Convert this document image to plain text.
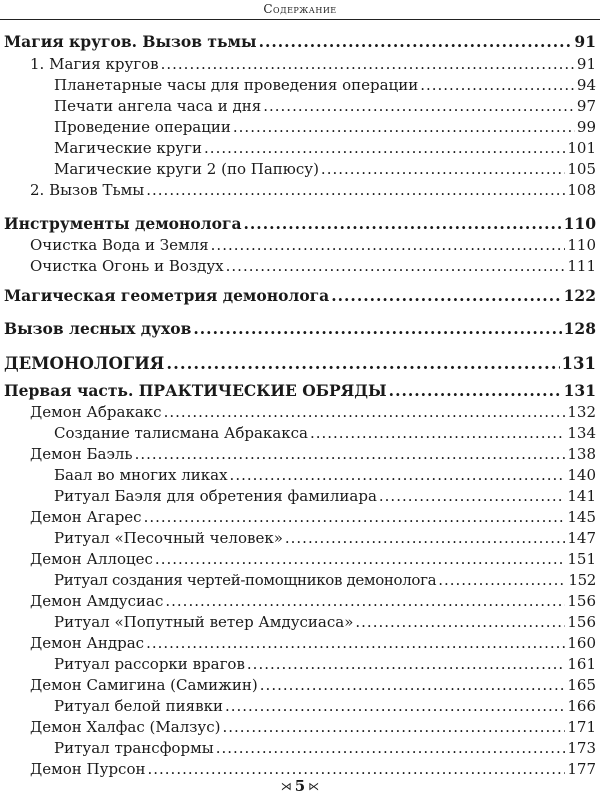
Содержание
Магия кругов. Вызов тьмы .....	91
1. Магия кругов .....	91
Планетарные часы для проведения операции .....	94
Печати ангела часа и дня .....	97
Проведение операции .....	99
Магические круги .....	101
Магические круги 2 (по Папюсу) .....	105
2. Вызов Тьмы .....	108
Инструменты демонолога .....	110
Очистка Вода и Земля .....	110
Очистка Огонь и Воздух .....	111
Магическая геометрия демонолога .....	122
Вызов лесных духов .....	128
ДЕМОНОЛОГИЯ .....	131
Первая часть. ПРАКТИЧЕСКИЕ ОБРЯДЫ .....	131
Демон Абракакс .....	132
Создание талисмана Абракакса .....	134
Демон Баэль .....	138
Баал во многих ликах .....	140
Ритуал Баэля для обретения фамилиара .....	141
Демон Агарес .....	145
Ритуал «Песочный человек» .....	147
Демон Аллоцес .....	151
Ритуал создания чертей-помощников демонолога .....	152
Демон Амдусиас .....	156
Ритуал «Попутный ветер Амдусиаса» .....	156
Демон Андрас .....	160
Ритуал рассорки врагов .....	161
Демон Самигина (Самижин) .....	165
Ритуал белой пиявки .....	166
Демон Халфас (Малзус) .....	171
Ритуал трансформы .....	173
Демон Пурсон .....	177
⋊ 5 ⋉
